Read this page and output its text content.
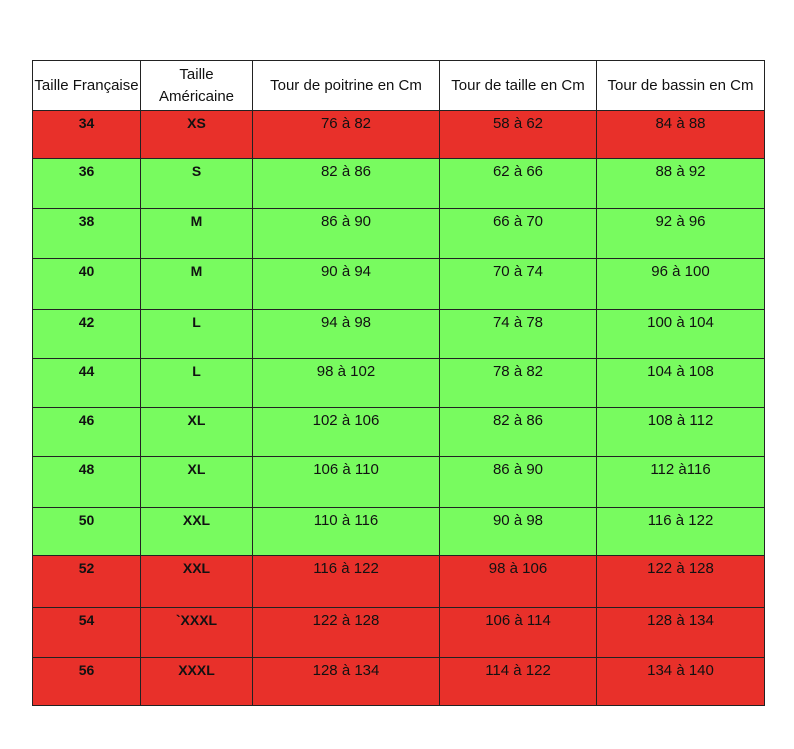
Taille Française	Taille Américaine	Tour de poitrine en Cm	Tour de taille en Cm	Tour de bassin en Cm
34	XS	76 à 82	58 à 62	84 à 88
36	S	82 à 86	62 à 66	88 à 92
38	M	86 à 90	66 à 70	92 à 96
40	M	90 à 94	70 à 74	96 à 100
42	L	94 à 98	74 à 78	100 à 104
44	L	98 à 102	78 à 82	104 à 108
46	XL	102 à 106	82 à 86	108 à 112
48	XL	106 à 110	86 à 90	112 à116
50	XXL	110 à 116	90 à 98	116 à 122
52	XXL	116 à 122	98 à 106	122 à 128
54	`XXXL	122 à 128	106 à 114	128 à 134
56	XXXL	128 à 134	114 à 122	134 à 140
